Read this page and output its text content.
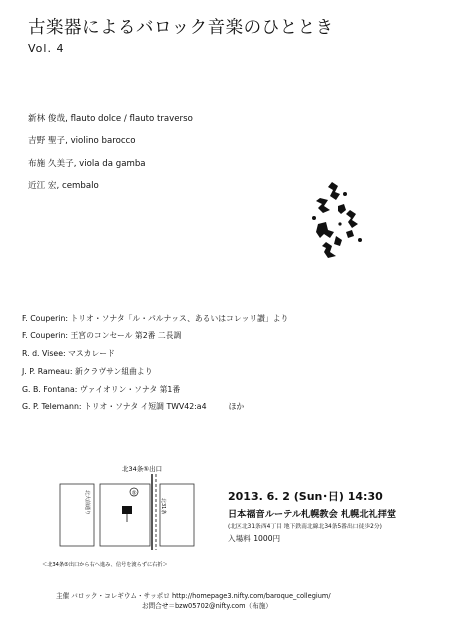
古楽器によるバロック音楽のひととき
Vol. 4
新林 俊哉, flauto dolce / flauto traverso
吉野 聖子, violino barocco
布施 久美子, viola da gamba
近江 宏, cembalo
F. Couperin: トリオ・ソナタ「ル・パルナッス、あるいはコレッリ讃」より
F. Couperin: 王宮のコンセール 第2番 二長調
R. d. Visee: マスカレード
J. P. Rameau: 新クラヴサン組曲より
G. B. Fontana: ヴァイオリン・ソナタ 第1番
G. P. Telemann: トリオ・ソナタ イ短調 TWV42:a4	ほか
⑤
北34条⑤出口
北大前通り	北31条
＜北34条⑤出口から右へ進み、信号を渡らずに右折＞
2013. 6. 2 (Sun･日) 14:30
日本福音ルーテル札幌教会 札幌北礼拝堂
(北区北31条西4丁目 地下鉄南北線北34条5番出口徒歩2分)
入場料 1000円
主催 バロック・コレギウム・サッポロ http://homepage3.nifty.com/baroque_collegium/
お問合せ＝bzw05702@nifty.com（布施）
